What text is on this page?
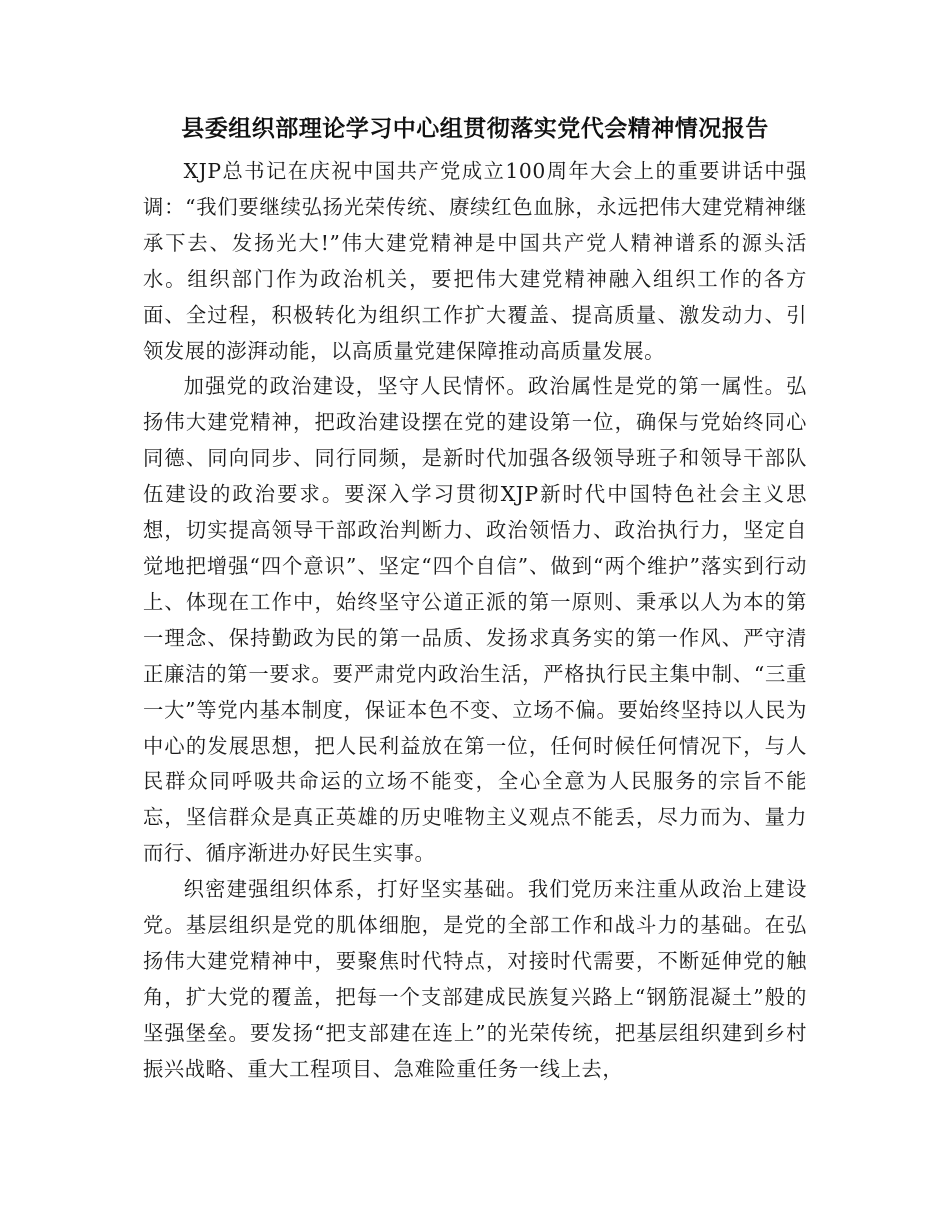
县委组织部理论学习中心组贯彻落实党代会精神情况报告

XJP总书记在庆祝中国共产党成立100周年大会上的重要讲话中强调：“我们要继续弘扬光荣传统、赓续红色血脉，永远把伟大建党精神继承下去、发扬光大!”伟大建党精神是中国共产党人精神谱系的源头活水。组织部门作为政治机关，要把伟大建党精神融入组织工作的各方面、全过程，积极转化为组织工作扩大覆盖、提高质量、激发动力、引领发展的澎湃动能，以高质量党建保障推动高质量发展。

加强党的政治建设，坚守人民情怀。政治属性是党的第一属性。弘扬伟大建党精神，把政治建设摆在党的建设第一位，确保与党始终同心同德、同向同步、同行同频，是新时代加强各级领导班子和领导干部队伍建设的政治要求。要深入学习贯彻XJP新时代中国特色社会主义思想，切实提高领导干部政治判断力、政治领悟力、政治执行力，坚定自觉地把增强“四个意识”、坚定“四个自信”、做到“两个维护”落实到行动上、体现在工作中，始终坚守公道正派的第一原则、秉承以人为本的第一理念、保持勤政为民的第一品质、发扬求真务实的第一作风、严守清正廉洁的第一要求。要严肃党内政治生活，严格执行民主集中制、“三重一大”等党内基本制度，保证本色不变、立场不偏。要始终坚持以人民为中心的发展思想，把人民利益放在第一位，任何时候任何情况下，与人民群众同呼吸共命运的立场不能变，全心全意为人民服务的宗旨不能忘，坚信群众是真正英雄的历史唯物主义观点不能丢，尽力而为、量力而行、循序渐进办好民生实事。

织密建强组织体系，打好坚实基础。我们党历来注重从政治上建设党。基层组织是党的肌体细胞，是党的全部工作和战斗力的基础。在弘扬伟大建党精神中，要聚焦时代特点，对接时代需要，不断延伸党的触角，扩大党的覆盖，把每一个支部建成民族复兴路上“钢筋混凝土”般的坚强堡垒。要发扬“把支部建在连上”的光荣传统，把基层组织建到乡村振兴战略、重大工程项目、急难险重任务一线上去，
